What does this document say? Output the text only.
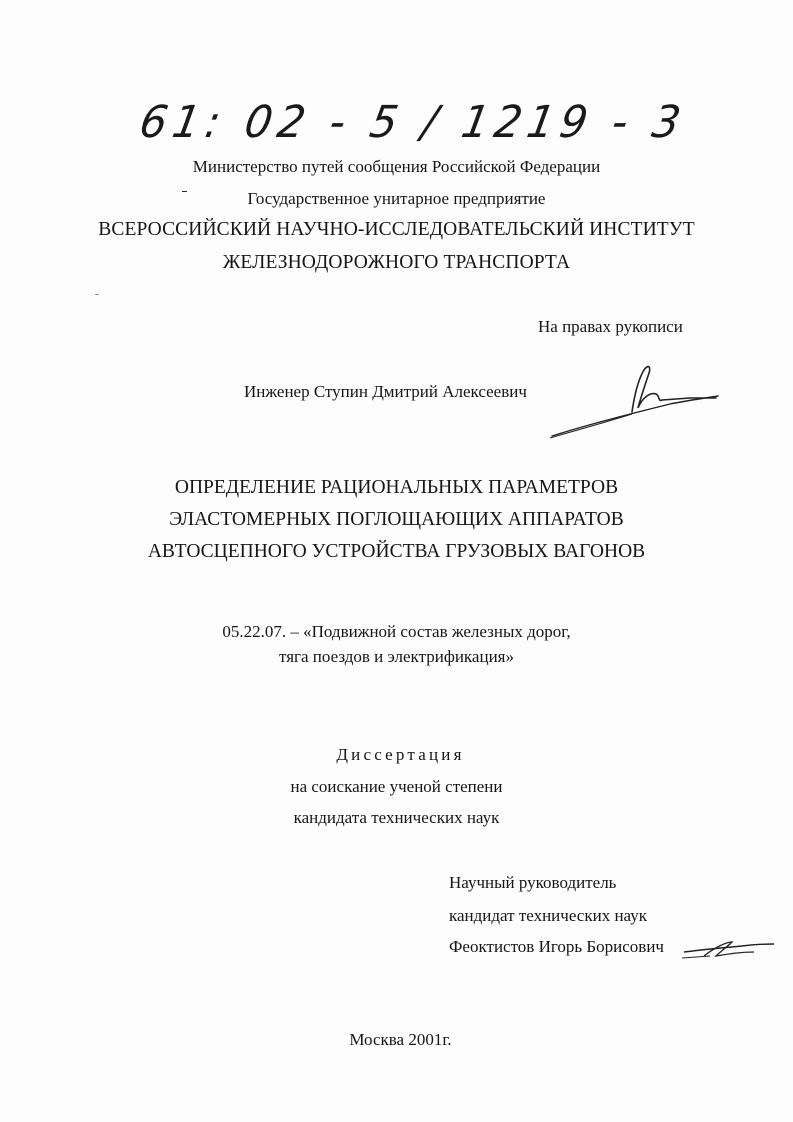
61: 02 - 5 / 1219 - 3
Министерство путей сообщения Российской Федерации
Государственное унитарное предприятие
ВСЕРОССИЙСКИЙ НАУЧНО-ИССЛЕДОВАТЕЛЬСКИЙ ИНСТИТУТ
ЖЕЛЕЗНОДОРОЖНОГО ТРАНСПОРТА
На правах рукописи
Инженер Ступин Дмитрий Алексеевич
ОПРЕДЕЛЕНИЕ РАЦИОНАЛЬНЫХ ПАРАМЕТРОВ
ЭЛАСТОМЕРНЫХ ПОГЛОЩАЮЩИХ АППАРАТОВ
АВТОСЦЕПНОГО УСТРОЙСТВА ГРУЗОВЫХ ВАГОНОВ
05.22.07. – «Подвижной состав железных дорог,
тяга поездов и электрификация»
Диссертация
на соискание ученой степени
кандидата технических наук
Научный руководитель
кандидат технических наук
Феоктистов Игорь Борисович
Москва 2001г.
